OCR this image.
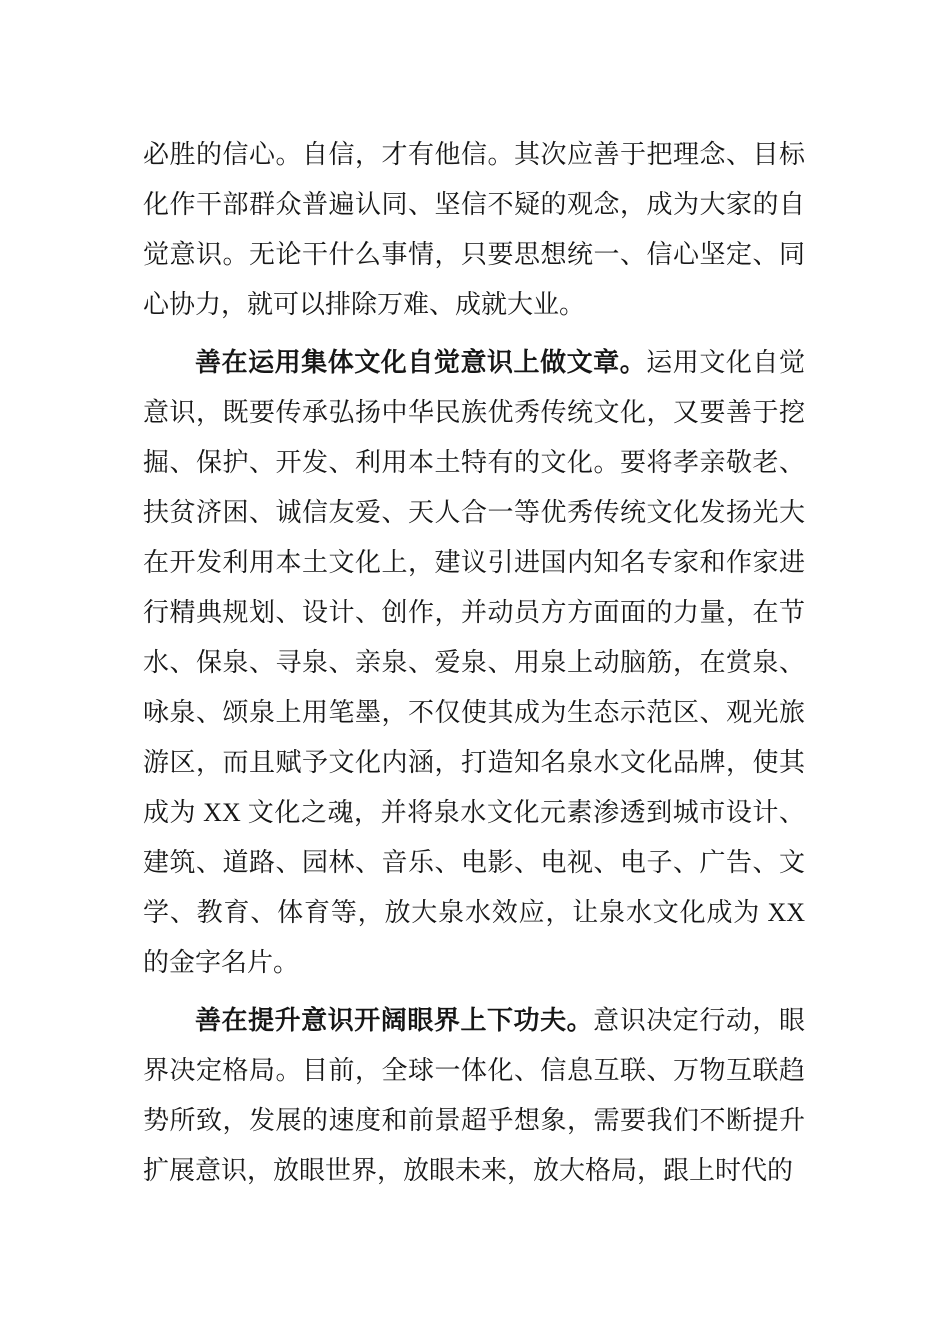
必胜的信心。自信，才有他信。其次应善于把理念、目标化作干部群众普遍认同、坚信不疑的观念，成为大家的自觉意识。无论干什么事情，只要思想统一、信心坚定、同心协力，就可以排除万难、成就大业。

善在运用集体文化自觉意识上做文章。运用文化自觉意识，既要传承弘扬中华民族优秀传统文化，又要善于挖掘、保护、开发、利用本土特有的文化。要将孝亲敬老、扶贫济困、诚信友爱、天人合一等优秀传统文化发扬光大在开发利用本土文化上，建议引进国内知名专家和作家进行精典规划、设计、创作，并动员方方面面的力量，在节水、保泉、寻泉、亲泉、爱泉、用泉上动脑筋，在赏泉、咏泉、颂泉上用笔墨，不仅使其成为生态示范区、观光旅游区，而且赋予文化内涵，打造知名泉水文化品牌，使其成为 XX 文化之魂，并将泉水文化元素渗透到城市设计、建筑、道路、园林、音乐、电影、电视、电子、广告、文学、教育、体育等，放大泉水效应，让泉水文化成为 XX 的金字名片。

善在提升意识开阔眼界上下功夫。意识决定行动，眼界决定格局。目前，全球一体化、信息互联、万物互联趋势所致，发展的速度和前景超乎想象，需要我们不断提升扩展意识，放眼世界，放眼未来，放大格局，跟上时代的
